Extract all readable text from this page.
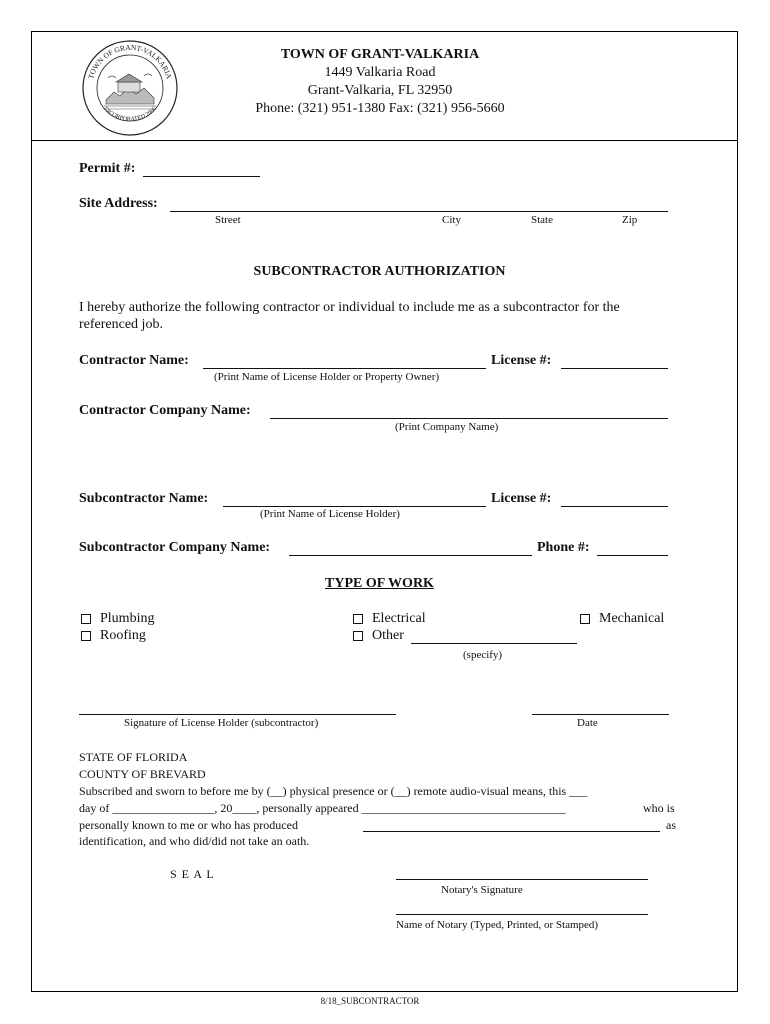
TOWN OF GRANT-VALKARIA
INCORPORATED 2006
TOWN OF GRANT-VALKARIA
1449 Valkaria Road
Grant-Valkaria, FL 32950
Phone: (321) 951-1380 Fax: (321) 956-5660
Permit #:
Site Address:
Street	City	State	Zip
SUBCONTRACTOR AUTHORIZATION
I hereby authorize the following contractor or individual to include me as a subcontractor for the
referenced job.
Contractor Name:	License #:
(Print Name of License Holder or Property Owner)
Contractor Company Name:
(Print Company Name)
Subcontractor Name:	License #:
(Print Name of License Holder)
Subcontractor Company Name:	Phone #:
TYPE OF WORK
Plumbing	Electrical	Mechanical
Roofing	Other
(specify)
Signature of License Holder (subcontractor)	Date
STATE OF FLORIDA
COUNTY OF BREVARD
Subscribed and sworn to before me by (__) physical presence or (__) remote audio-visual means, this ___
day of _________________, 20____, personally appeared __________________________________	who is
personally known to me or who has produced	as
identification, and who did/did not take an oath.
S E A L
Notary's Signature
Name of Notary (Typed, Printed, or Stamped)
8/18_SUBCONTRACTOR
